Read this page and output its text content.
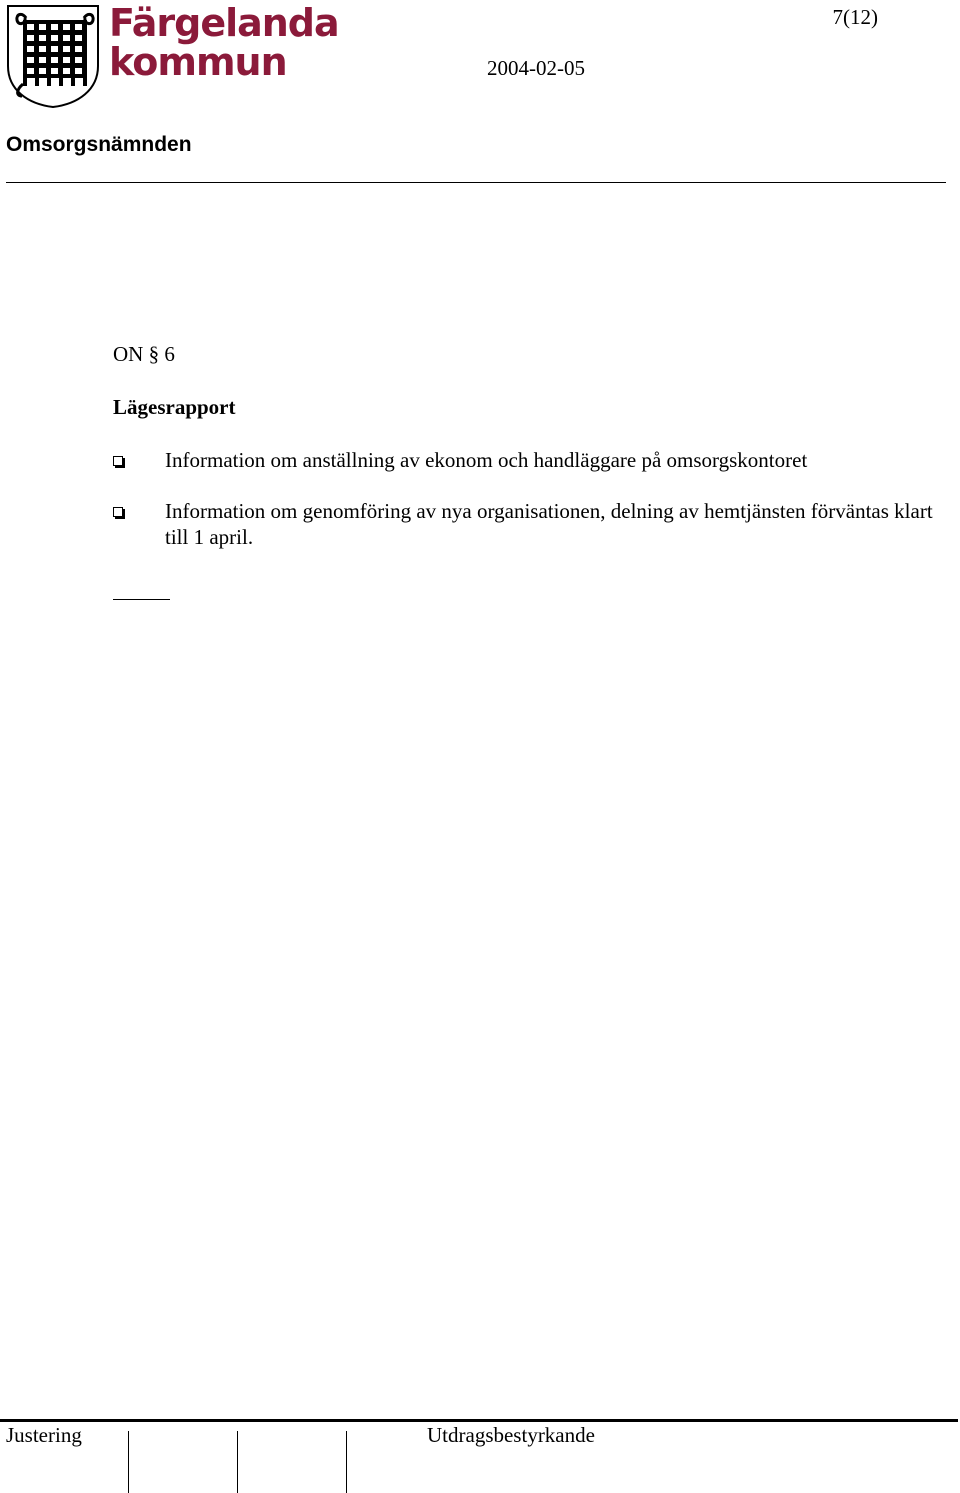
Färgelanda
kommun
7(12)
2004-02-05
Omsorgsnämnden
ON § 6
Lägesrapport
Information om anställning av ekonom och handläggare på omsorgskontoret
Information om genomföring av nya organisationen, delning av hemtjänsten förväntas klart till 1 april.
Justering	Utdragsbestyrkande
